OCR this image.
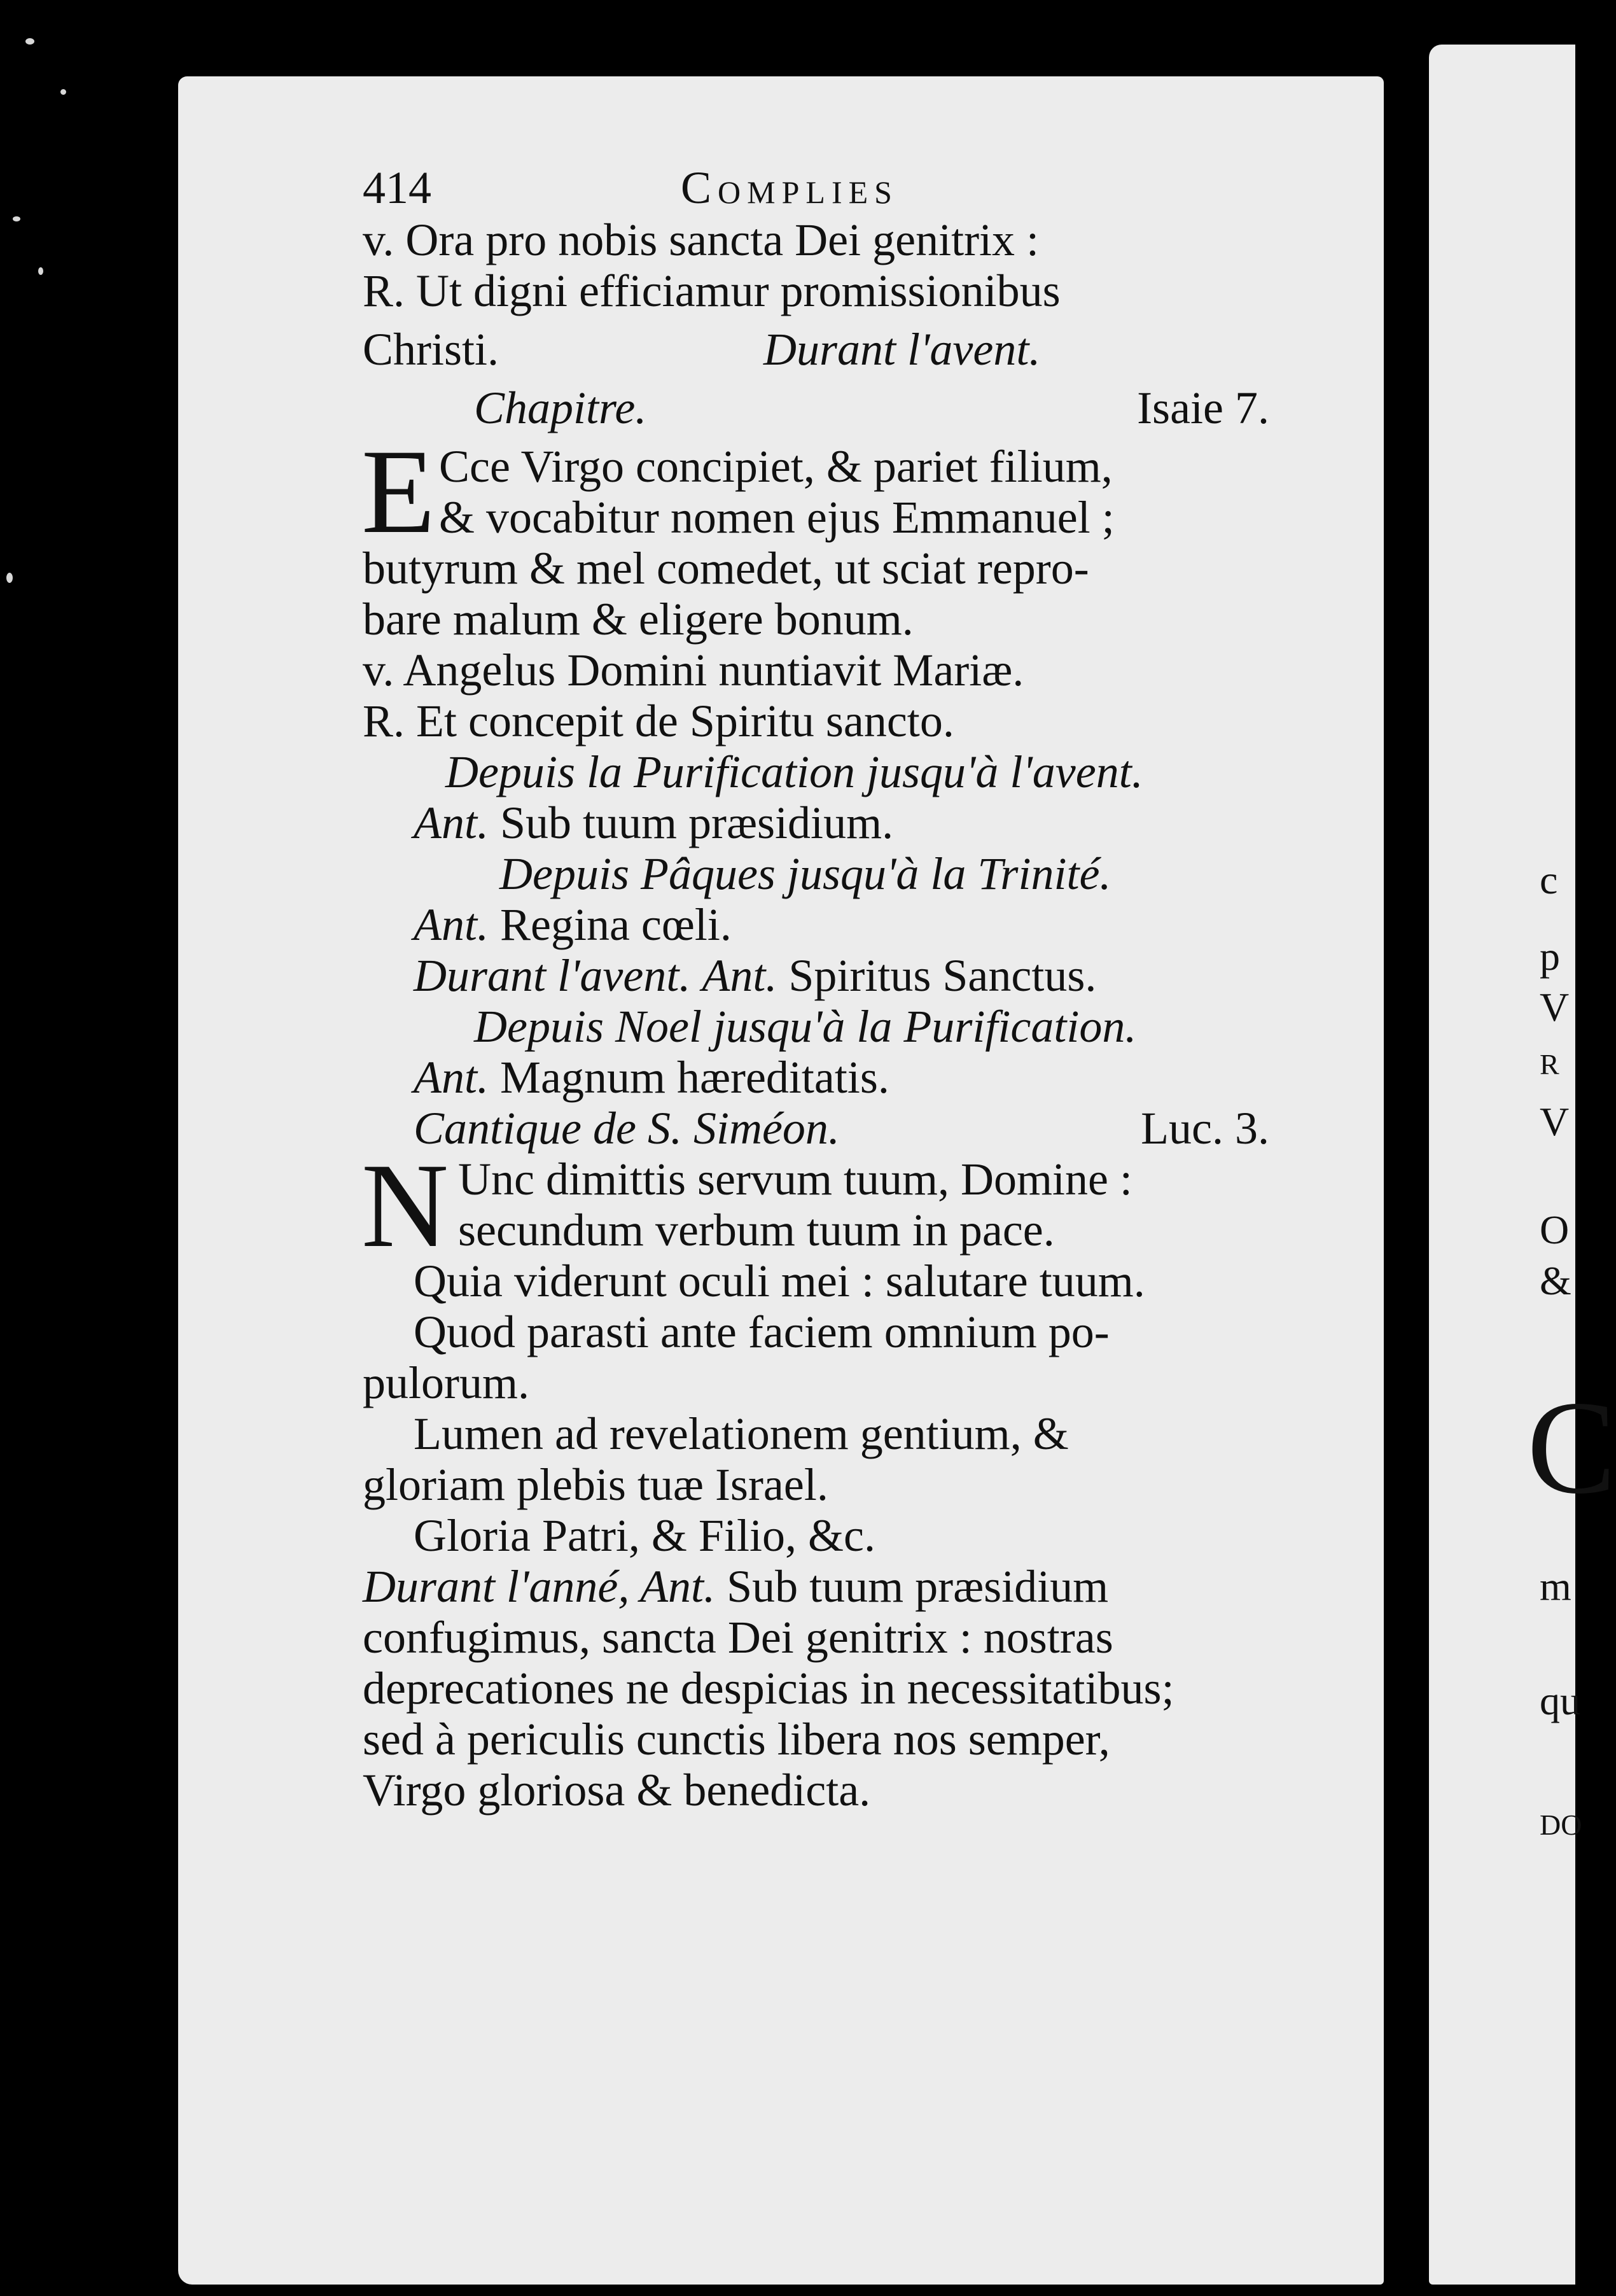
414	Complies
v. Ora pro nobis sancta Dei genitrix :
R. Ut digni efficiamur promissionibus
Christi.	Durant l'avent.
Chapitre.	Isaie 7.
E Cce Virgo concipiet, & pariet filium,
& vocabitur nomen ejus Emmanuel ;
butyrum & mel comedet, ut sciat repro-
bare malum & eligere bonum.
v. Angelus Domini nuntiavit Mariæ.
R. Et concepit de Spiritu sancto.
Depuis la Purification jusqu'à l'avent.
Ant. Sub tuum præsidium.
Depuis Pâques jusqu'à la Trinité.
Ant. Regina cœli.
Durant l'avent. Ant. Spiritus Sanctus.
Depuis Noel jusqu'à la Purification.
Ant. Magnum hæreditatis.
Cantique de S. Siméon.	Luc. 3.
N Unc dimittis servum tuum, Domine :
secundum verbum tuum in pace.
Quia viderunt oculi mei : salutare tuum.
Quod parasti ante faciem omnium po-
pulorum.
Lumen ad revelationem gentium, &
gloriam plebis tuæ Israel.
Gloria Patri, & Filio, &c.
Durant l'anné, Ant. Sub tuum præsidium
confugimus, sancta Dei genitrix : nostras
deprecationes ne despicias in necessitatibus;
sed à periculis cunctis libera nos semper,
Virgo gloriosa & benedicta.
c
p
V
R
V
O
&
C
m
qu
DO
